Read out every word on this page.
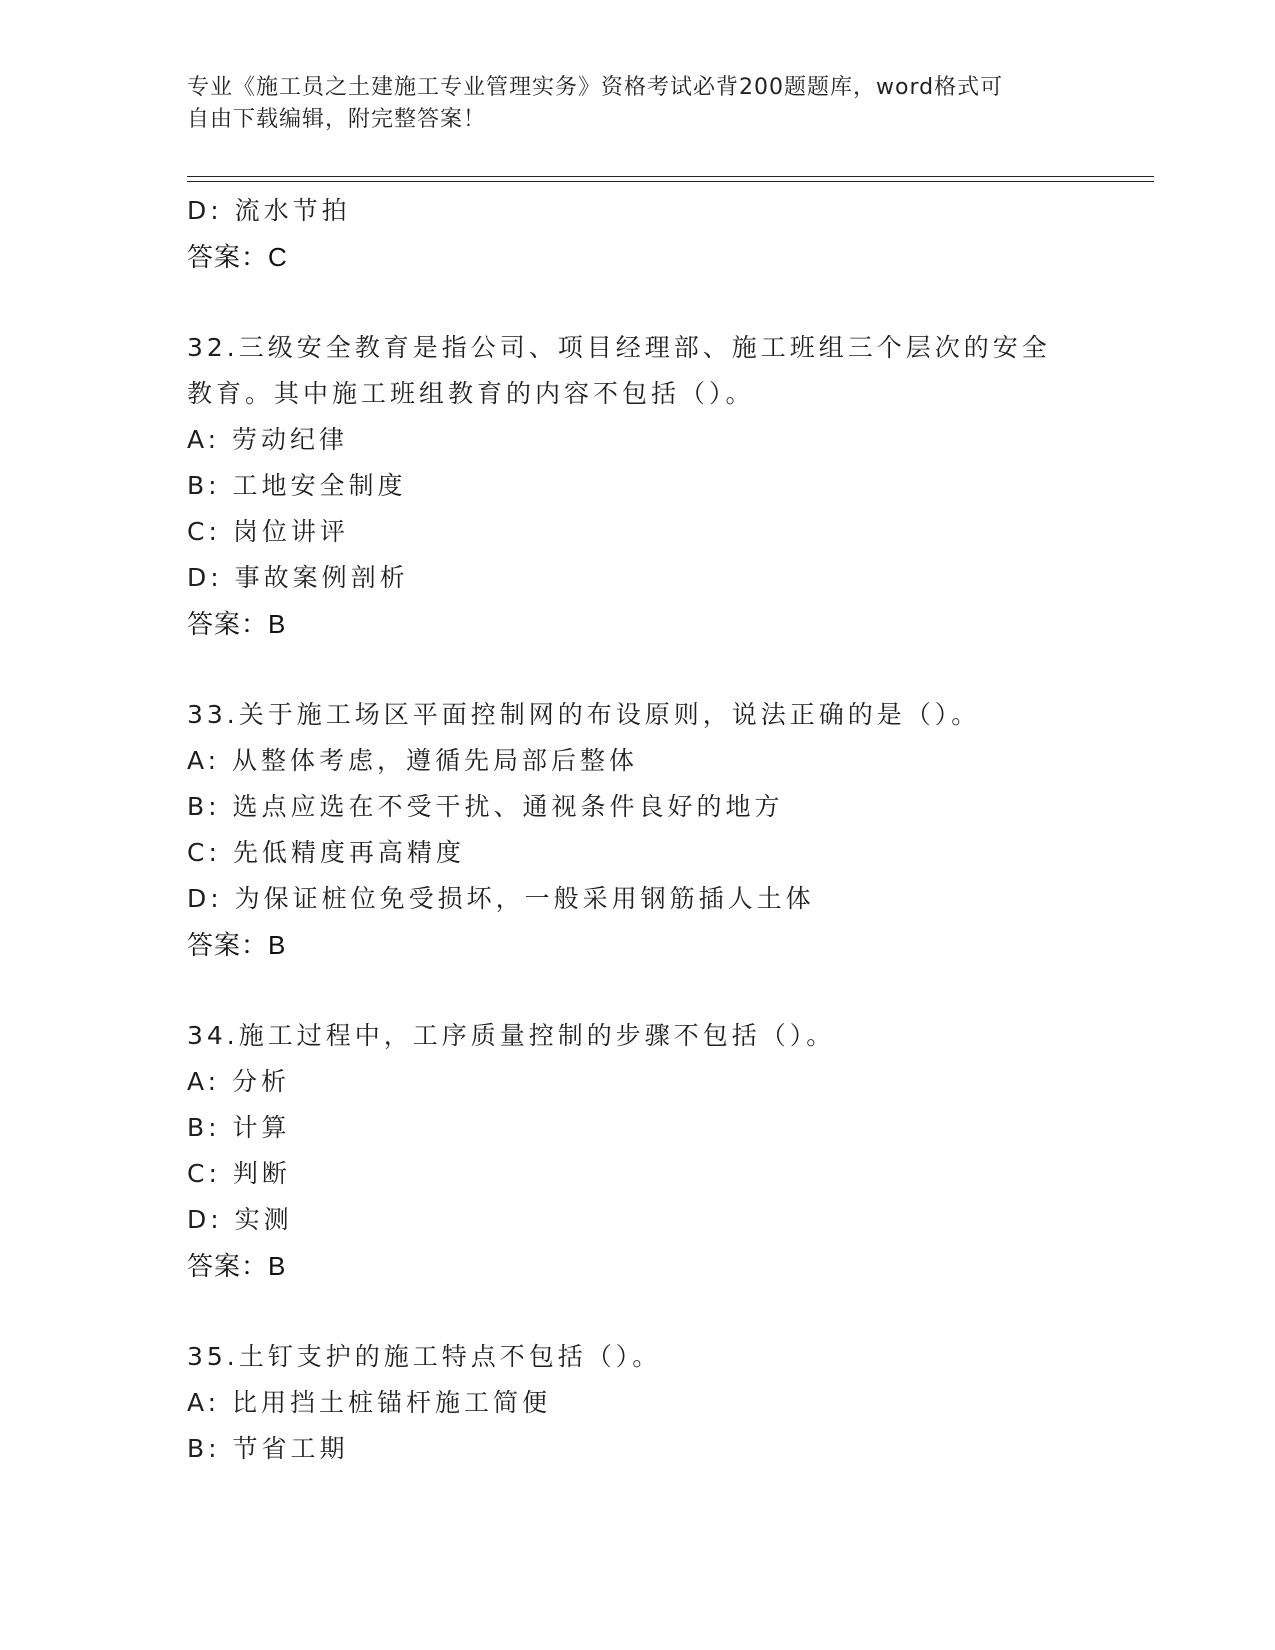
专业《施工员之土建施工专业管理实务》资格考试必背200题题库，word格式可
自由下载编辑，附完整答案！
D: 流水节拍
答案：C
32.三级安全教育是指公司、项目经理部、施工班组三个层次的安全教育。其中施工班组教育的内容不包括（）。
A: 劳动纪律
B: 工地安全制度
C: 岗位讲评
D: 事故案例剖析
答案：B
33.关于施工场区平面控制网的布设原则，说法正确的是（）。
A: 从整体考虑，遵循先局部后整体
B: 选点应选在不受干扰、通视条件良好的地方
C: 先低精度再高精度
D: 为保证桩位免受损坏，一般采用钢筋插人土体
答案：B
34.施工过程中，工序质量控制的步骤不包括（）。
A: 分析
B: 计算
C: 判断
D: 实测
答案：B
35.土钉支护的施工特点不包括（）。
A: 比用挡土桩锚杆施工简便
B: 节省工期
